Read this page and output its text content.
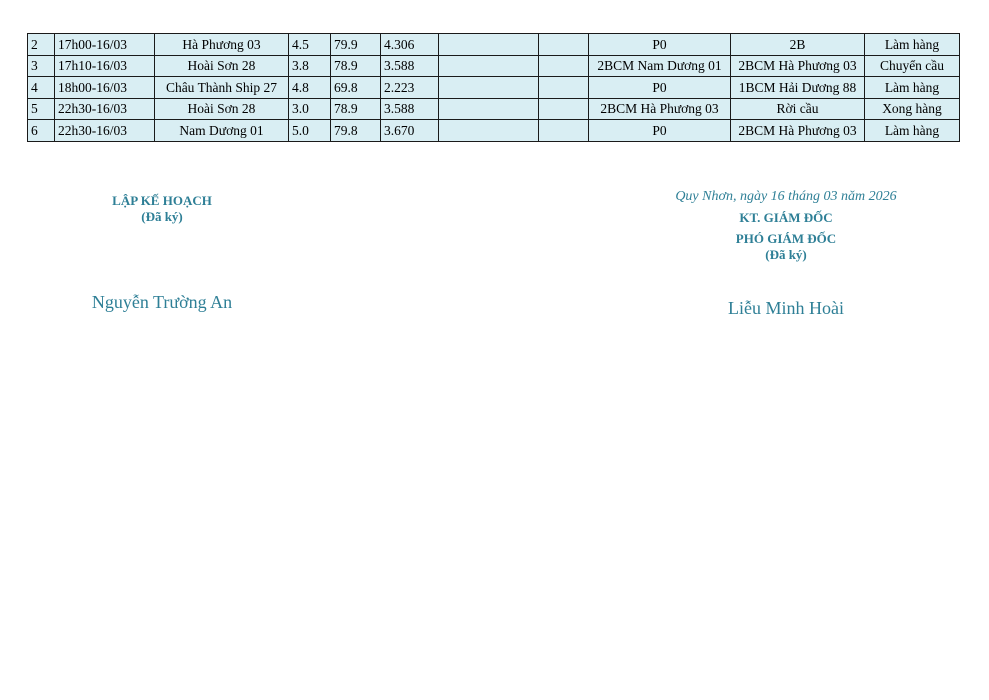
2	17h00-16/03	Hà Phương 03	4.5	79.9	4.306			P0	2B	Làm hàng
3	17h10-16/03	Hoài Sơn 28	3.8	78.9	3.588			2BCM Nam Dương 01	2BCM Hà Phương 03	Chuyển cầu
4	18h00-16/03	Châu Thành Ship 27	4.8	69.8	2.223			P0	1BCM Hải Dương 88	Làm hàng
5	22h30-16/03	Hoài Sơn 28	3.0	78.9	3.588			2BCM Hà Phương 03	Rời cầu	Xong hàng
6	22h30-16/03	Nam Dương 01	5.0	79.8	3.670			P0	2BCM Hà Phương 03	Làm hàng
LẬP KẾ HOẠCH
(Đã ký)
Nguyễn Trường An
Quy Nhơn, ngày 16 tháng 03 năm 2026
KT. GIÁM ĐỐC
PHÓ GIÁM ĐỐC
(Đã ký)
Liễu Minh Hoài
